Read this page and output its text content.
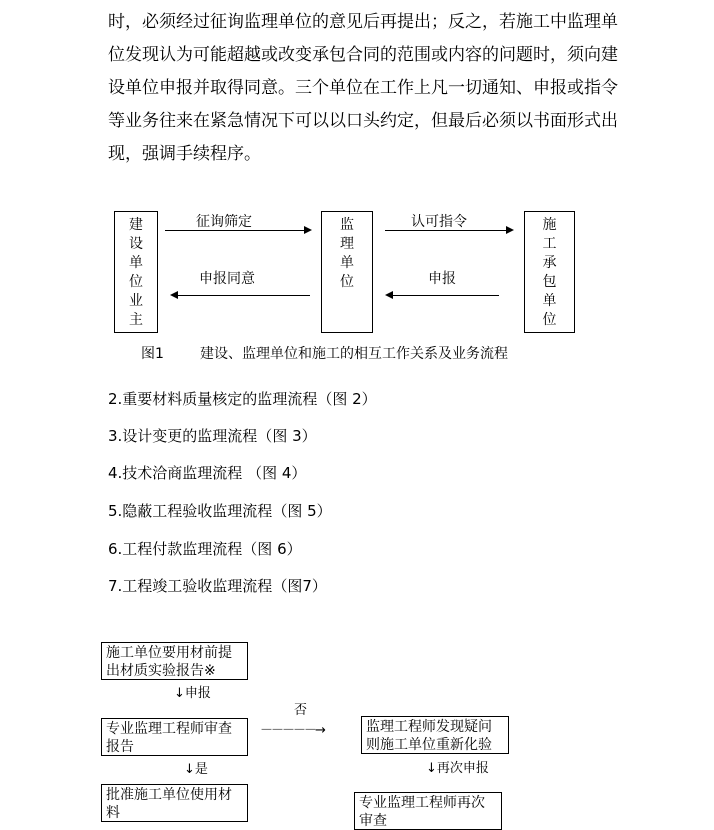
时，必须经过征询监理单位的意见后再提出；反之，若施工中监理单
位发现认为可能超越或改变承包合同的范围或内容的问题时，须向建
设单位申报并取得同意。三个单位在工作上凡一切通知、申报或指令
等业务往来在紧急情况下可以以口头约定，但最后必须以书面形式出
现，强调手续程序。
建
设
单
位
业
主
监
理
单
位
施
工
承
包
单
位
征询筛定	认可指令
申报同意	申报
图1	建设、监理单位和施工的相互工作关系及业务流程
2.重要材料质量核定的监理流程（图 2）
3.设计变更的监理流程（图 3）
4.技术洽商监理流程 （图 4）
5.隐蔽工程验收监理流程（图 5）
6.工程付款监理流程（图 6）
7.工程竣工验收监理流程（图7）
施工单位要用材前提
出材质实验报告※
↓申报
专业监理工程师审查
报告
否
－－－－－→	监理工程师发现疑问
则施工单位重新化验
↓是	↓再次申报
批准施工单位使用材
料
专业监理工程师再次
审查
